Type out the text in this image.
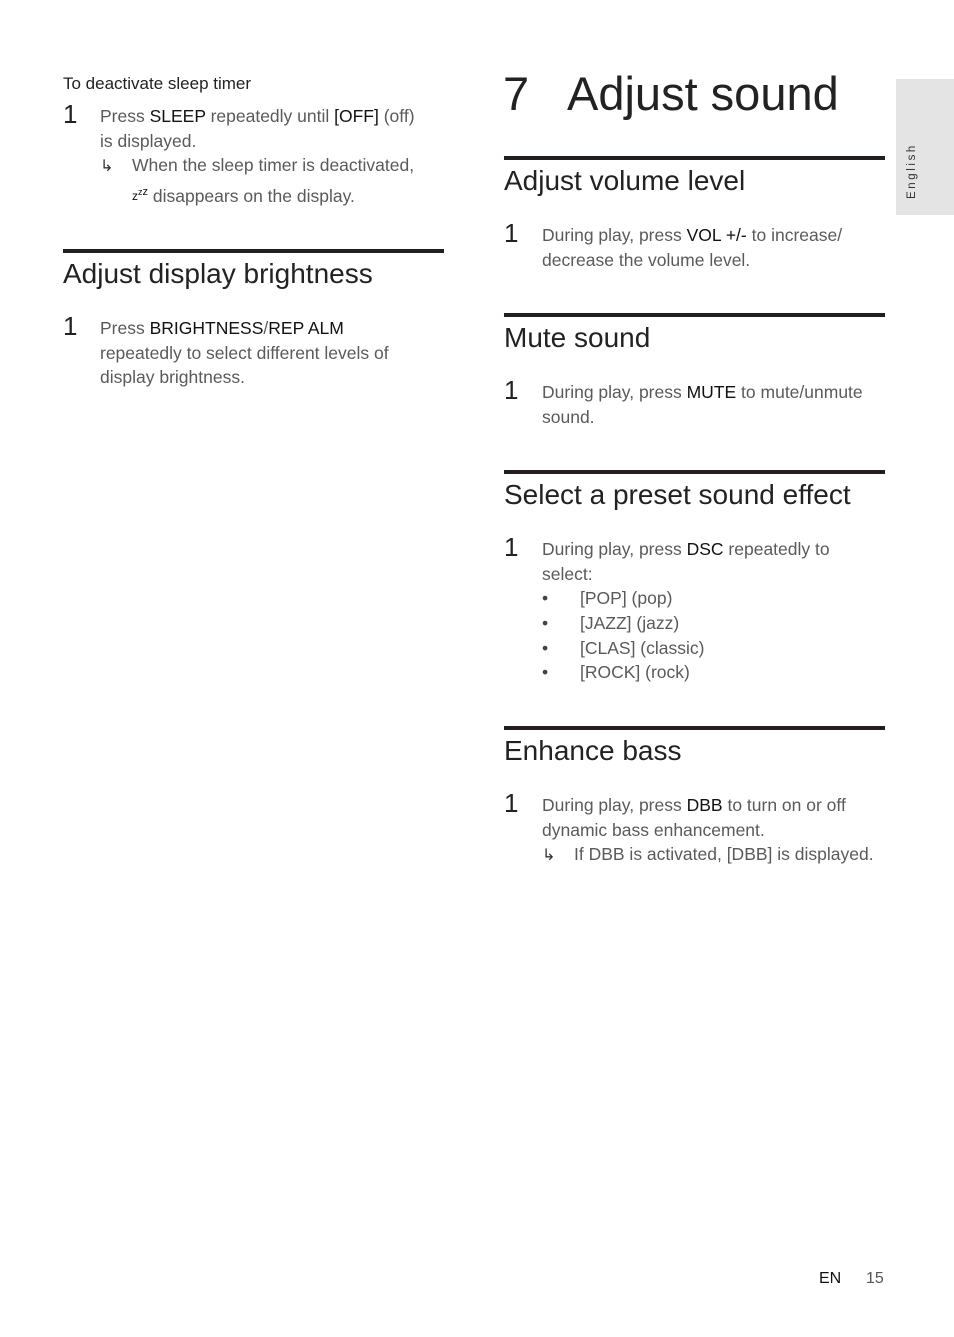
To deactivate sleep timer
1 Press SLEEP repeatedly until [OFF] (off)
is displayed.
↳ When the sleep timer is deactivated,
$z^{zz}$ disappears on the display.
Adjust display brightness
1 Press BRIGHTNESS/REP ALM
repeatedly to select different levels of
display brightness.
7 Adjust sound
English
Adjust volume level
1 During play, press VOL +/- to increase/
decrease the volume level.
Mute sound
1 During play, press MUTE to mute/unmute
sound.
Select a preset sound effect
1 During play, press DSC repeatedly to
select:
• [POP] (pop)
• [JAZZ] (jazz)
• [CLAS] (classic)
• [ROCK] (rock)
Enhance bass
1 During play, press DBB to turn on or off
dynamic bass enhancement.
↳ If DBB is activated, [DBB] is displayed.
EN 15
